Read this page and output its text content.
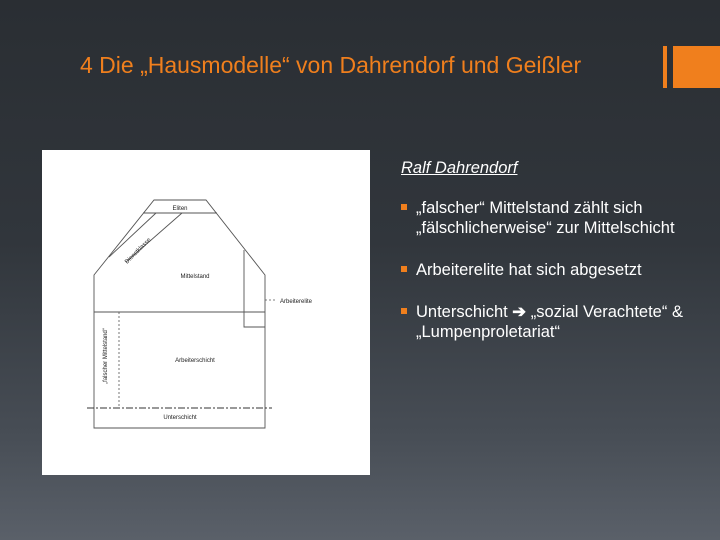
4 Die „Hausmodelle“ von Dahrendorf und Geißler
Eliten
Dienstklasse
Mittelstand
Arbeiterelite
„falscher Mittelstand“	Arbeiterschicht
Unterschicht

Ralf Dahrendorf

„falscher“ Mittelstand zählt sich „fälschlicherweise“ zur Mittelschicht
Arbeiterelite hat sich abgesetzt
Unterschicht ➔ „sozial Verachtete“ & „Lumpenproletariat“
